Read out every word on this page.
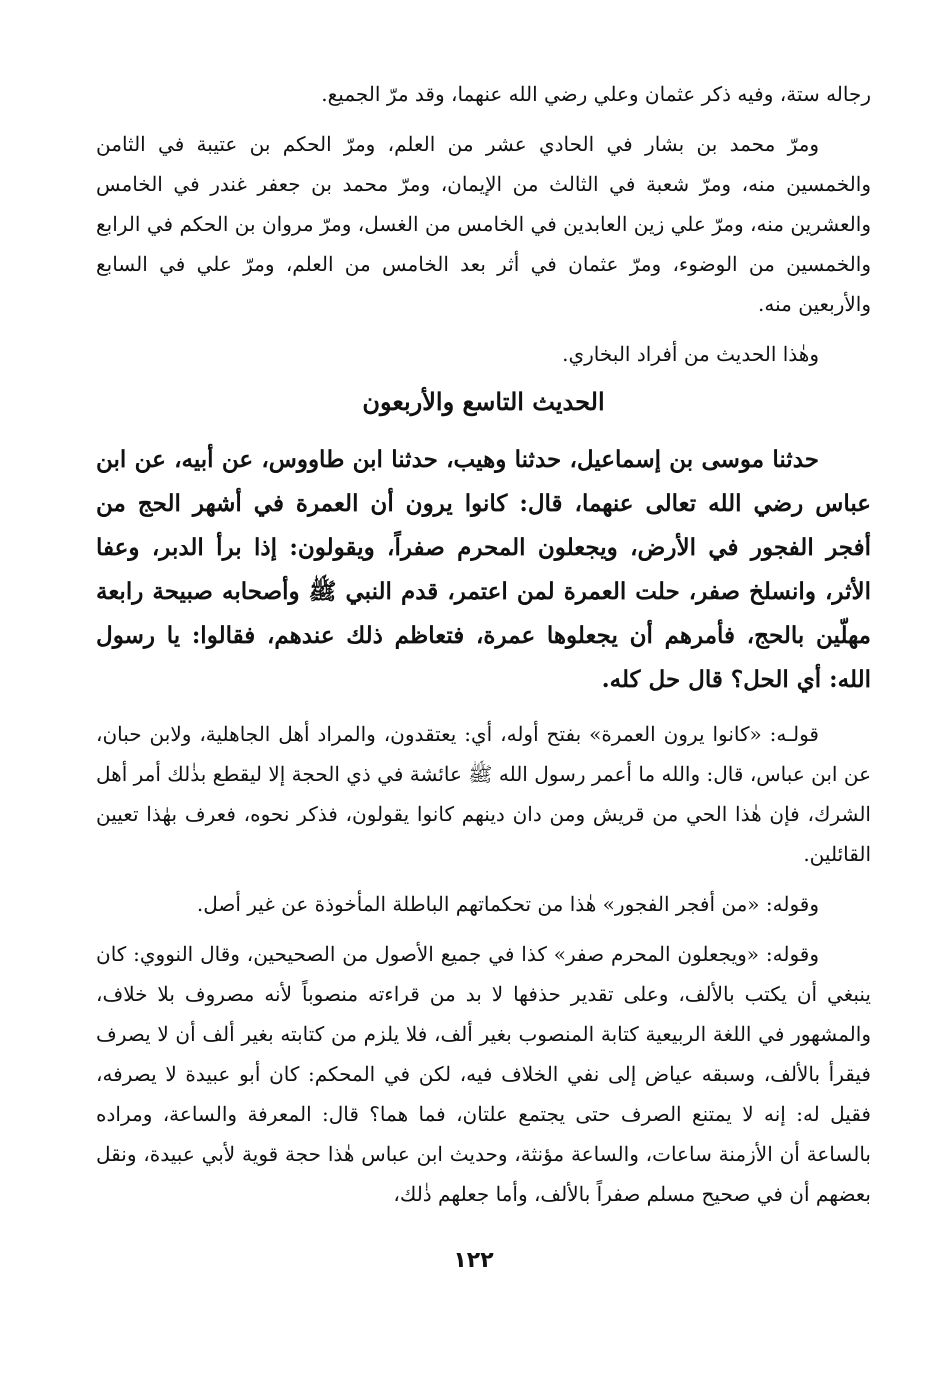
رجاله ستة، وفيه ذكر عثمان وعلي رضي الله عنهما، وقد مرّ الجميع.

ومرّ محمد بن بشار في الحادي عشر من العلم، ومرّ الحكم بن عتيبة في الثامن والخمسين منه، ومرّ شعبة في الثالث من الإيمان، ومرّ محمد بن جعفر غندر في الخامس والعشرين منه، ومرّ علي زين العابدين في الخامس من الغسل، ومرّ مروان بن الحكم في الرابع والخمسين من الوضوء، ومرّ عثمان في أثر بعد الخامس من العلم، ومرّ علي في السابع والأربعين منه.

وهٰذا الحديث من أفراد البخاري.

الحديث التاسع والأربعون

حدثنا موسى بن إسماعيل، حدثنا وهيب، حدثنا ابن طاووس، عن أبيه، عن ابن عباس رضي الله تعالى عنهما، قال: كانوا يرون أن العمرة في أشهر الحج من أفجر الفجور في الأرض، ويجعلون المحرم صفراً، ويقولون: إذا برأ الدبر، وعفا الأثر، وانسلخ صفر، حلت العمرة لمن اعتمر، قدم النبي ﷺ وأصحابه صبيحة رابعة مهلّين بالحج، فأمرهم أن يجعلوها عمرة، فتعاظم ذلك عندهم، فقالوا: يا رسول الله: أي الحل؟ قال حل كله.

قولـه: «كانوا يرون العمرة» بفتح أوله، أي: يعتقدون، والمراد أهل الجاهلية، ولابن حبان، عن ابن عباس، قال: والله ما أعمر رسول الله ﷺ عائشة في ذي الحجة إلا ليقطع بذٰلك أمر أهل الشرك، فإن هٰذا الحي من قريش ومن دان دينهم كانوا يقولون، فذكر نحوه، فعرف بهٰذا تعيين القائلين.

وقوله: «من أفجر الفجور» هٰذا من تحكماتهم الباطلة المأخوذة عن غير أصل.

وقوله: «ويجعلون المحرم صفر» كذا في جميع الأصول من الصحيحين، وقال النووي: كان ينبغي أن يكتب بالألف، وعلى تقدير حذفها لا بد من قراءته منصوباً لأنه مصروف بلا خلاف، والمشهور في اللغة الربيعية كتابة المنصوب بغير ألف، فلا يلزم من كتابته بغير ألف أن لا يصرف فيقرأ بالألف، وسبقه عياض إلى نفي الخلاف فيه، لكن في المحكم: كان أبو عبيدة لا يصرفه، فقيل له: إنه لا يمتنع الصرف حتى يجتمع علتان، فما هما؟ قال: المعرفة والساعة، ومراده بالساعة أن الأزمنة ساعات، والساعة مؤنثة، وحديث ابن عباس هٰذا حجة قوية لأبي عبيدة، ونقل بعضهم أن في صحيح مسلم صفراً بالألف، وأما جعلهم ذٰلك،

١٢٢
